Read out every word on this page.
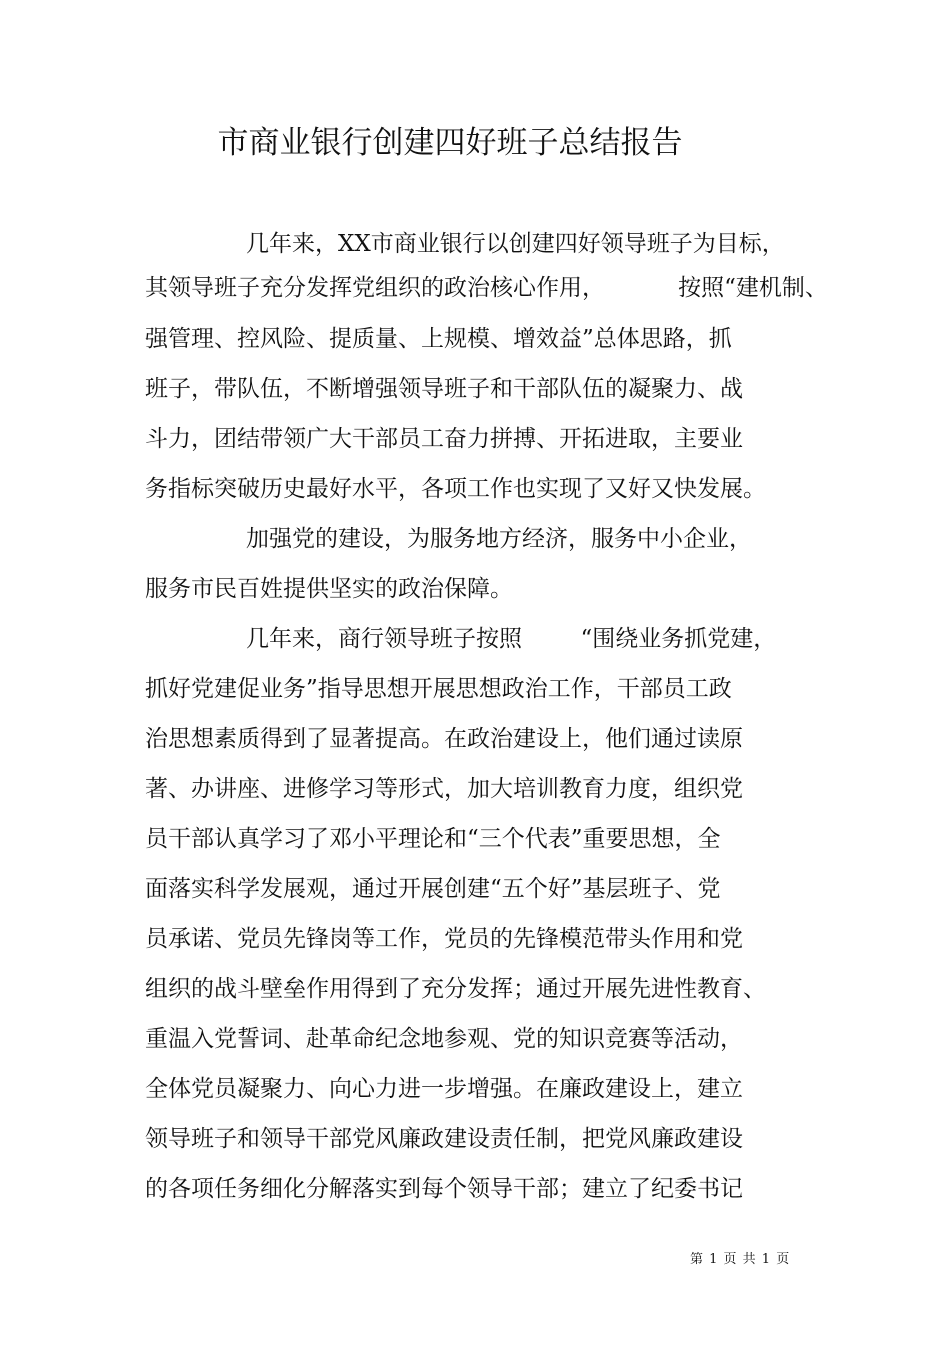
市商业银行创建四好班子总结报告

几年来，XX市商业银行以创建四好领导班子为目标，

其领导班子充分发挥党组织的政治核心作用，          按照“建机制、

强管理、控风险、提质量、上规模、增效益”总体思路，抓

班子，带队伍，不断增强领导班子和干部队伍的凝聚力、战

斗力，团结带领广大干部员工奋力拼搏、开拓进取，主要业

务指标突破历史最好水平，各项工作也实现了又好又快发展。

加强党的建设，为服务地方经济，服务中小企业，

服务市民百姓提供坚实的政治保障。

几年来，商行领导班子按照        “围绕业务抓党建，

抓好党建促业务”指导思想开展思想政治工作，干部员工政

治思想素质得到了显著提高。在政治建设上，他们通过读原

著、办讲座、进修学习等形式，加大培训教育力度，组织党

员干部认真学习了邓小平理论和“三个代表”重要思想，全

面落实科学发展观，通过开展创建“五个好”基层班子、党

员承诺、党员先锋岗等工作，党员的先锋模范带头作用和党

组织的战斗壁垒作用得到了充分发挥；通过开展先进性教育、

重温入党誓词、赴革命纪念地参观、党的知识竞赛等活动，

全体党员凝聚力、向心力进一步增强。在廉政建设上，建立

领导班子和领导干部党风廉政建设责任制，把党风廉政建设

的各项任务细化分解落实到每个领导干部；建立了纪委书记

第 1 页 共 1 页
